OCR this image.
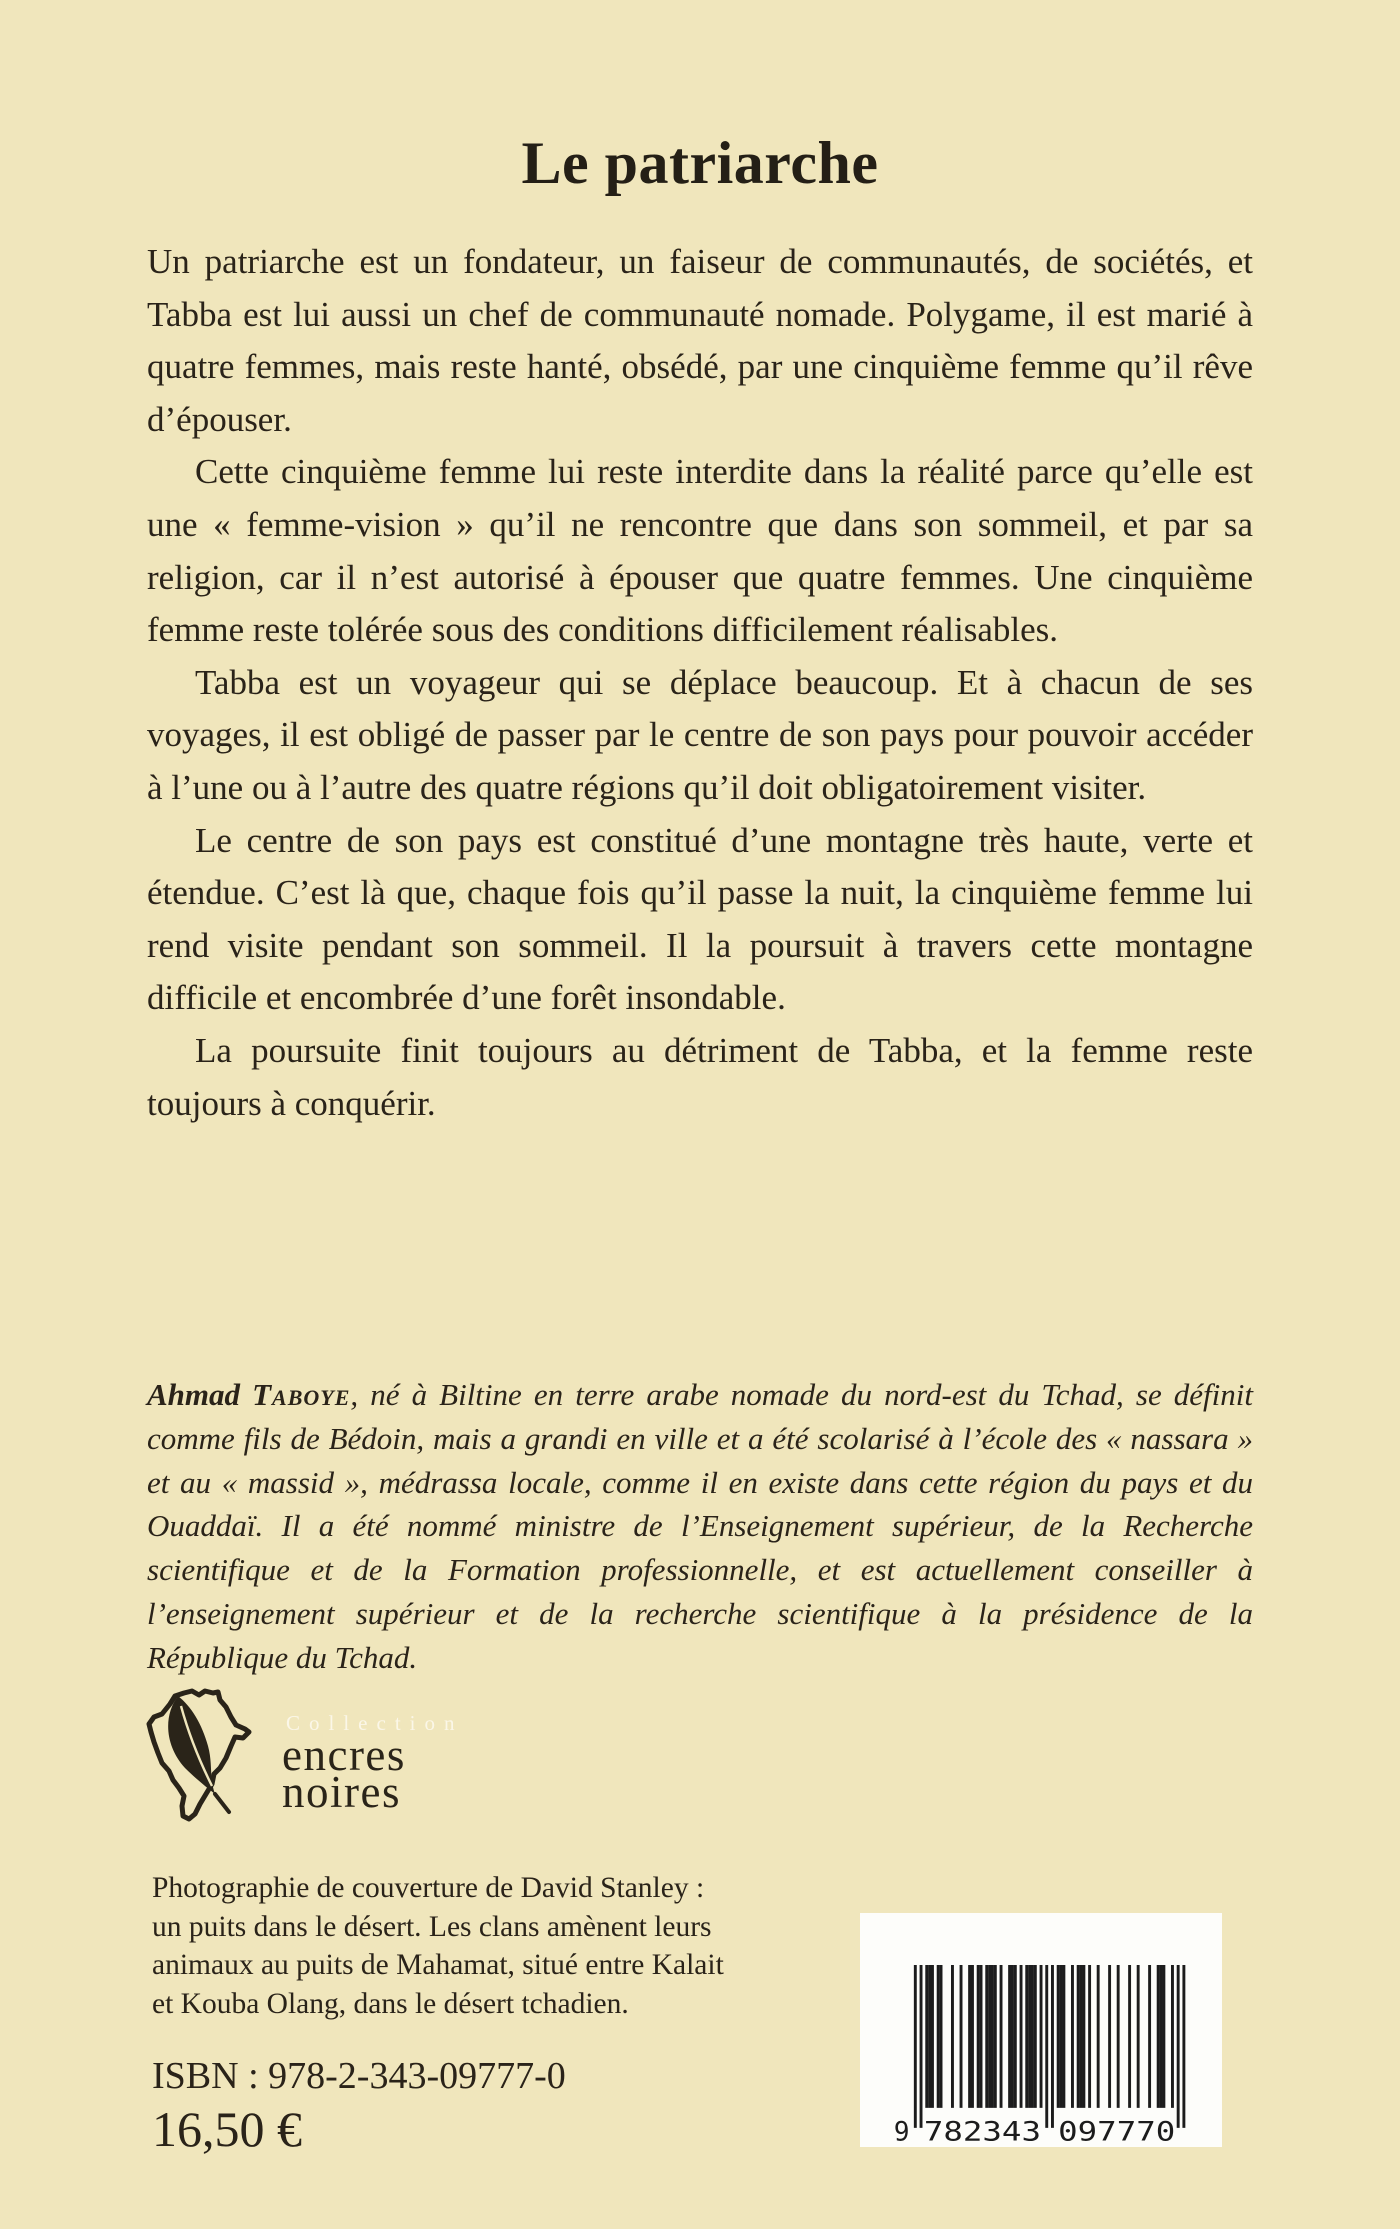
Le patriarche

Un patriarche est un fondateur, un faiseur de communautés, de sociétés, et Tabba est lui aussi un chef de communauté nomade. Polygame, il est marié à quatre femmes, mais reste hanté, obsédé, par une cinquième femme qu’il rêve d’épouser.

Cette cinquième femme lui reste interdite dans la réalité parce qu’elle est une « femme-vision » qu’il ne rencontre que dans son sommeil, et par sa religion, car il n’est autorisé à épouser que quatre femmes. Une cinquième femme reste tolérée sous des conditions difficilement réalisables.

Tabba est un voyageur qui se déplace beaucoup. Et à chacun de ses voyages, il est obligé de passer par le centre de son pays pour pouvoir accéder à l’une ou à l’autre des quatre régions qu’il doit obligatoirement visiter.

Le centre de son pays est constitué d’une montagne très haute, verte et étendue. C’est là que, chaque fois qu’il passe la nuit, la cinquième femme lui rend visite pendant son sommeil. Il la poursuit à travers cette montagne difficile et encombrée d’une forêt insondable.

La poursuite finit toujours au détriment de Tabba, et la femme reste toujours à conquérir.

Ahmad Taboye, né à Biltine en terre arabe nomade du nord-est du Tchad, se définit comme fils de Bédoin, mais a grandi en ville et a été scolarisé à l’école des « nassara » et au « massid », médrassa locale, comme il en existe dans cette région du pays et du Ouaddaï. Il a été nommé ministre de l’Enseignement supérieur, de la Recherche scientifique et de la Formation professionnelle, et est actuellement conseiller à l’enseignement supérieur et de la recherche scientifique à la présidence de la République du Tchad.

Collection
encres
noires
Photographie de couverture de David Stanley :
un puits dans le désert. Les clans amènent leurs
animaux au puits de Mahamat, situé entre Kalait
et Kouba Olang, dans le désert tchadien.
ISBN : 978-2-343-09777-0
16,50 €	9 782343 097770
